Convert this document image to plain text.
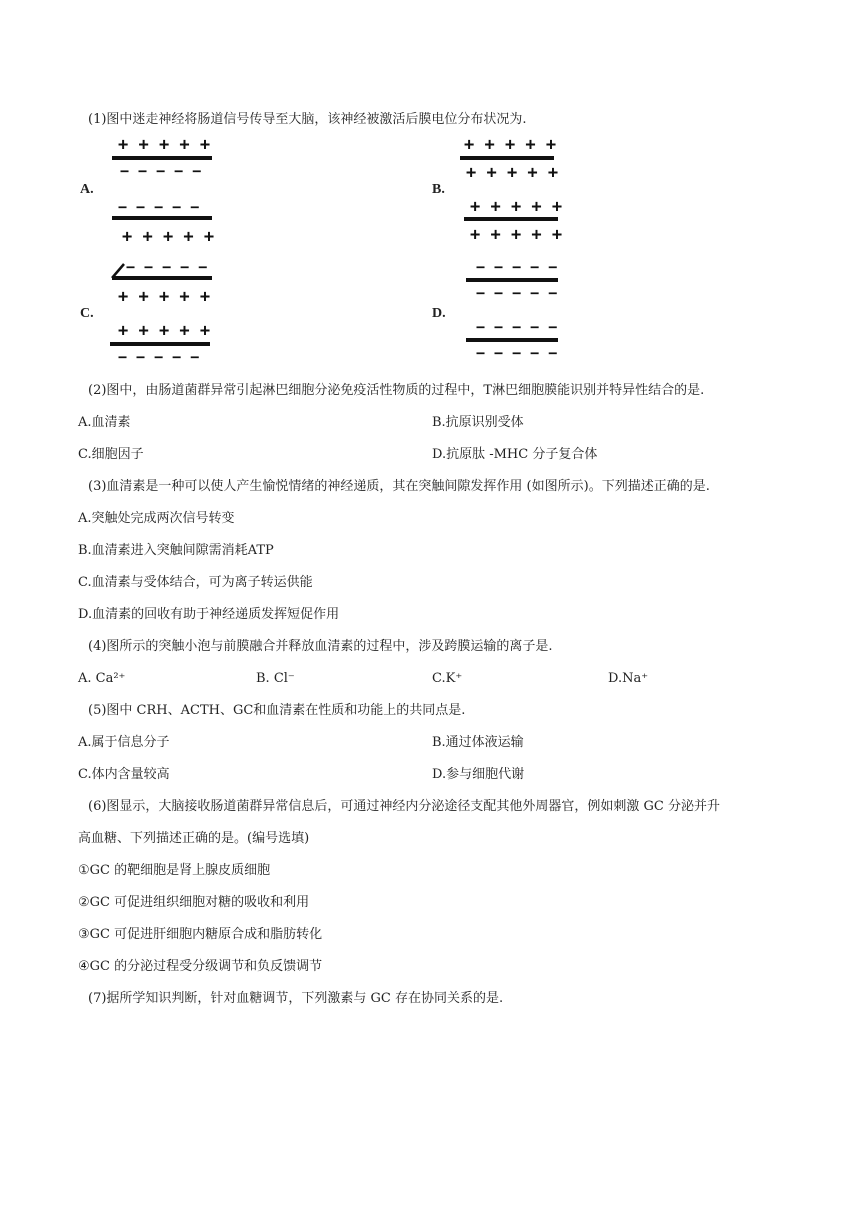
(1)图中迷走神经将肠道信号传导至大脑，该神经被激活后膜电位分布状况为.
A.	B.
C.	D.
+ + + + +
− − − − −
− − − − −
+ + + + +
+ + + + +
+ + + + +
+ + + + +
+ + + + +
− − − − −
+ + + + +
+ + + + +
− − − − −
− − − − −
− − − − −
− − − − −
− − − − −
(2)图中，由肠道菌群异常引起淋巴细胞分泌免疫活性物质的过程中，T淋巴细胞膜能识别并特异性结合的是.
A.血清素	B.抗原识别受体
C.细胞因子	D.抗原肽 -MHC 分子复合体
(3)血清素是一种可以使人产生愉悦情绪的神经递质，其在突触间隙发挥作用 (如图所示)。下列描述正确的是.
A.突触处完成两次信号转变
B.血清素进入突触间隙需消耗ATP
C.血清素与受体结合，可为离子转运供能
D.血清素的回收有助于神经递质发挥短促作用
(4)图所示的突触小泡与前膜融合并释放血清素的过程中，涉及跨膜运输的离子是.
A. Ca²⁺	B. Cl⁻	C.K⁺	D.Na⁺
(5)图中 CRH、ACTH、GC和血清素在性质和功能上的共同点是.
A.属于信息分子	B.通过体液运输
C.体内含量较高	D.参与细胞代谢
(6)图显示，大脑接收肠道菌群异常信息后，可通过神经内分泌途径支配其他外周器官，例如刺激 GC 分泌并升
高血糖、下列描述正确的是。(编号选填)
①GC 的靶细胞是肾上腺皮质细胞
②GC 可促进组织细胞对糖的吸收和利用
③GC 可促进肝细胞内糖原合成和脂肪转化
④GC 的分泌过程受分级调节和负反馈调节
(7)据所学知识判断，针对血糖调节，下列激素与 GC 存在协同关系的是.
